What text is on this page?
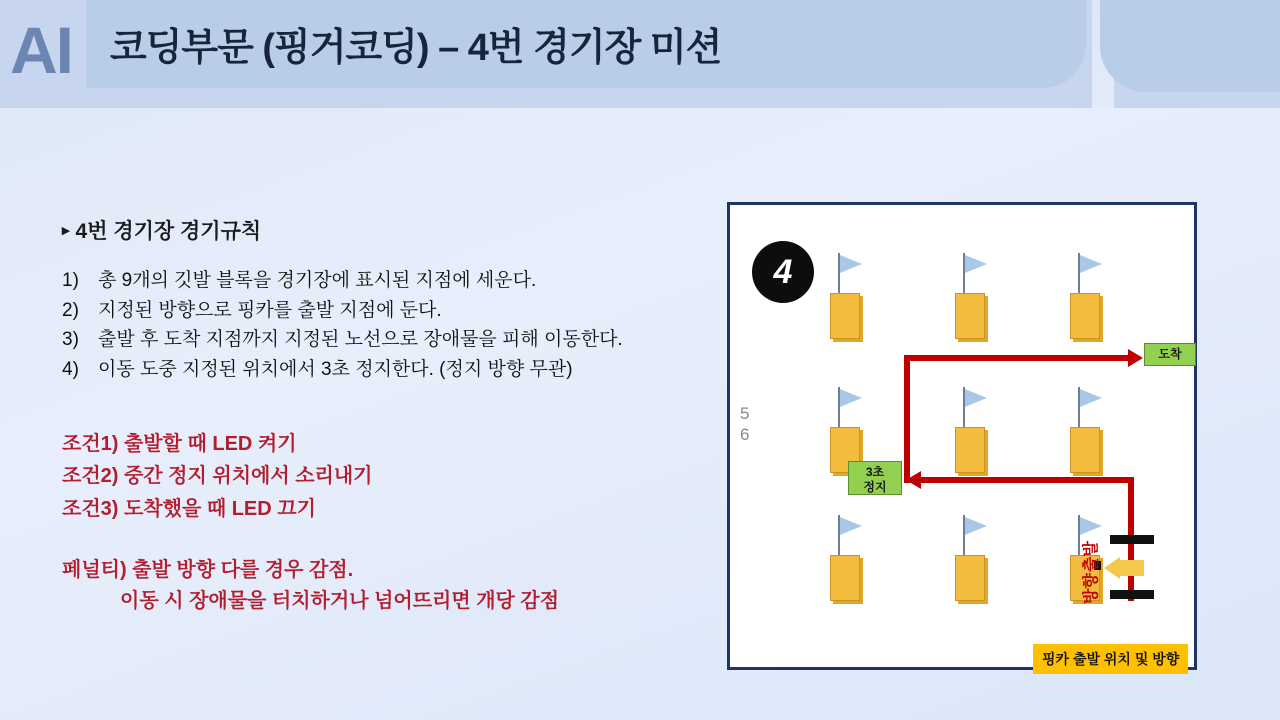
AI 코딩부문 (핑거코딩) – 4번 경기장 미션
▸ 4번 경기장 경기규칙
1)	총 9개의 깃발 블록을 경기장에 표시된 지점에 세운다.
2)	지정된 방향으로 핑카를 출발 지점에 둔다.
3)	출발 후 도착 지점까지 지정된 노선으로 장애물을 피해 이동한다.
4)	이동 도중 지정된 위치에서 3초 정지한다. (정지 방향 무관)
조건1) 출발할 때 LED 켜기
조건2) 중간 정지 위치에서 소리내기
조건3) 도착했을 때 LED 끄기
페널티) 출발 방향 다를 경우 감점.
이동 시 장애물을 터치하거나 넘어뜨리면 개당 감점
4
5
6
도착
3초
정지
출발
방향
핑카 출발 위치 및 방향
